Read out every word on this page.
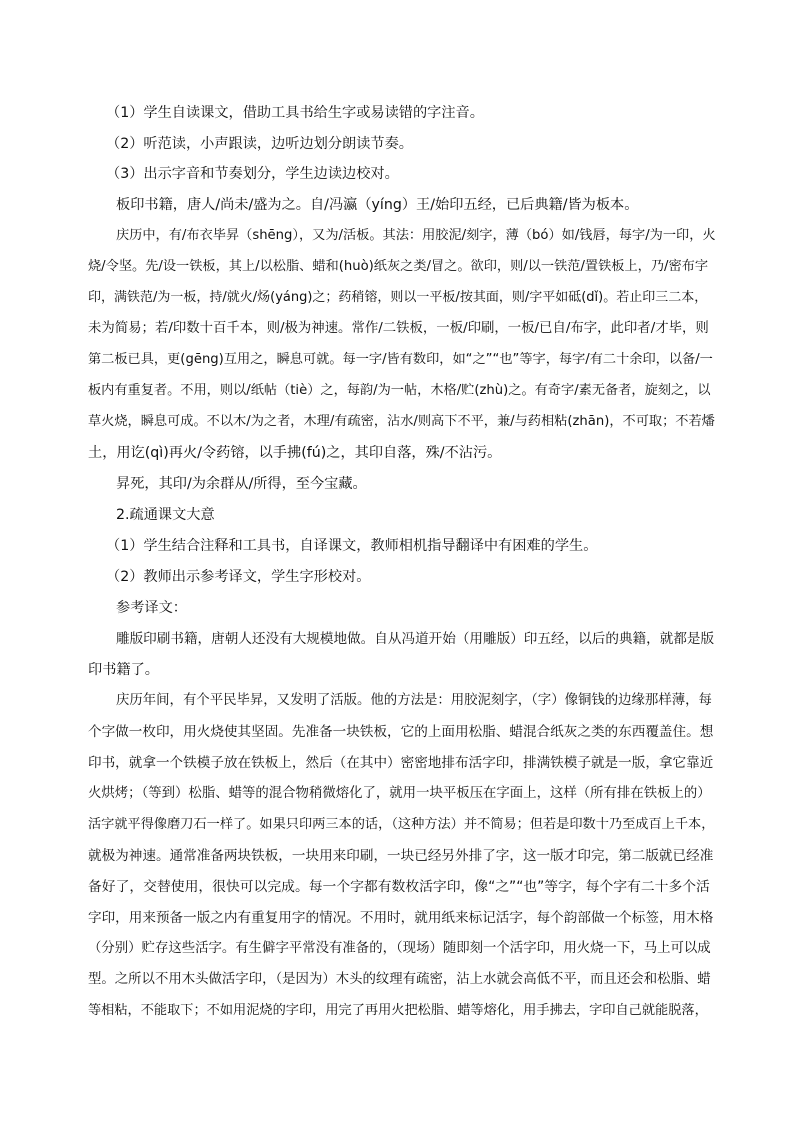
（1）学生自读课文，借助工具书给生字或易读错的字注音。
（2）听范读，小声跟读，边听边划分朗读节奏。
（3）出示字音和节奏划分，学生边读边校对。
板印书籍，唐人/尚未/盛为之。自/冯瀛（yíng）王/始印五经，已后典籍/皆为板本。
庆历中，有/布衣毕昇（shēng），又为/活板。其法：用胶泥/刻字，薄（bó）如/钱唇，每字/为一印，火
烧/令坚。先/设一铁板，其上/以松脂、蜡和(huò)纸灰之类/冒之。欲印，则/以一铁范/置铁板上，乃/密布字
印，满铁范/为一板，持/就火/炀(yáng)之；药稍镕，则以一平板/按其面，则/字平如砥(dǐ)。若止印三二本，
未为简易；若/印数十百千本，则/极为神速。常作/二铁板，一板/印刷，一板/已自/布字，此印者/才毕，则
第二板已具，更(gēng)互用之，瞬息可就。每一字/皆有数印，如“之”“也”等字，每字/有二十余印，以备/一
板内有重复者。不用，则以/纸帖（tiè）之，每韵/为一帖，木格/贮(zhù)之。有奇字/素无备者，旋刻之，以
草火烧，瞬息可成。不以木/为之者，木理/有疏密，沾水/则高下不平，兼/与药相粘(zhān)，不可取；不若燔
土，用讫(qì)再火/令药镕，以手拂(fú)之，其印自落，殊/不沾污。
昇死，其印/为余群从/所得，至今宝藏。
2.疏通课文大意
（1）学生结合注释和工具书，自译课文，教师相机指导翻译中有困难的学生。
（2）教师出示参考译文，学生字形校对。
参考译文：
雕版印刷书籍，唐朝人还没有大规模地做。自从冯道开始（用雕版）印五经，以后的典籍，就都是版
印书籍了。
庆历年间，有个平民毕昇，又发明了活版。他的方法是：用胶泥刻字，（字）像铜钱的边缘那样薄，每
个字做一枚印，用火烧使其坚固。先准备一块铁板，它的上面用松脂、蜡混合纸灰之类的东西覆盖住。想
印书，就拿一个铁模子放在铁板上，然后（在其中）密密地排布活字印，排满铁模子就是一版，拿它靠近
火烘烤；（等到）松脂、蜡等的混合物稍微熔化了，就用一块平板压在字面上，这样（所有排在铁板上的）
活字就平得像磨刀石一样了。如果只印两三本的话，（这种方法）并不简易；但若是印数十乃至成百上千本，
就极为神速。通常准备两块铁板，一块用来印刷，一块已经另外排了字，这一版才印完，第二版就已经准
备好了，交替使用，很快可以完成。每一个字都有数枚活字印，像“之”“也”等字，每个字有二十多个活
字印，用来预备一版之内有重复用字的情况。不用时，就用纸来标记活字，每个韵部做一个标签，用木格
（分别）贮存这些活字。有生僻字平常没有准备的，（现场）随即刻一个活字印，用火烧一下，马上可以成
型。之所以不用木头做活字印，（是因为）木头的纹理有疏密，沾上水就会高低不平，而且还会和松脂、蜡
等相粘，不能取下；不如用泥烧的字印，用完了再用火把松脂、蜡等熔化，用手拂去，字印自己就能脱落，
